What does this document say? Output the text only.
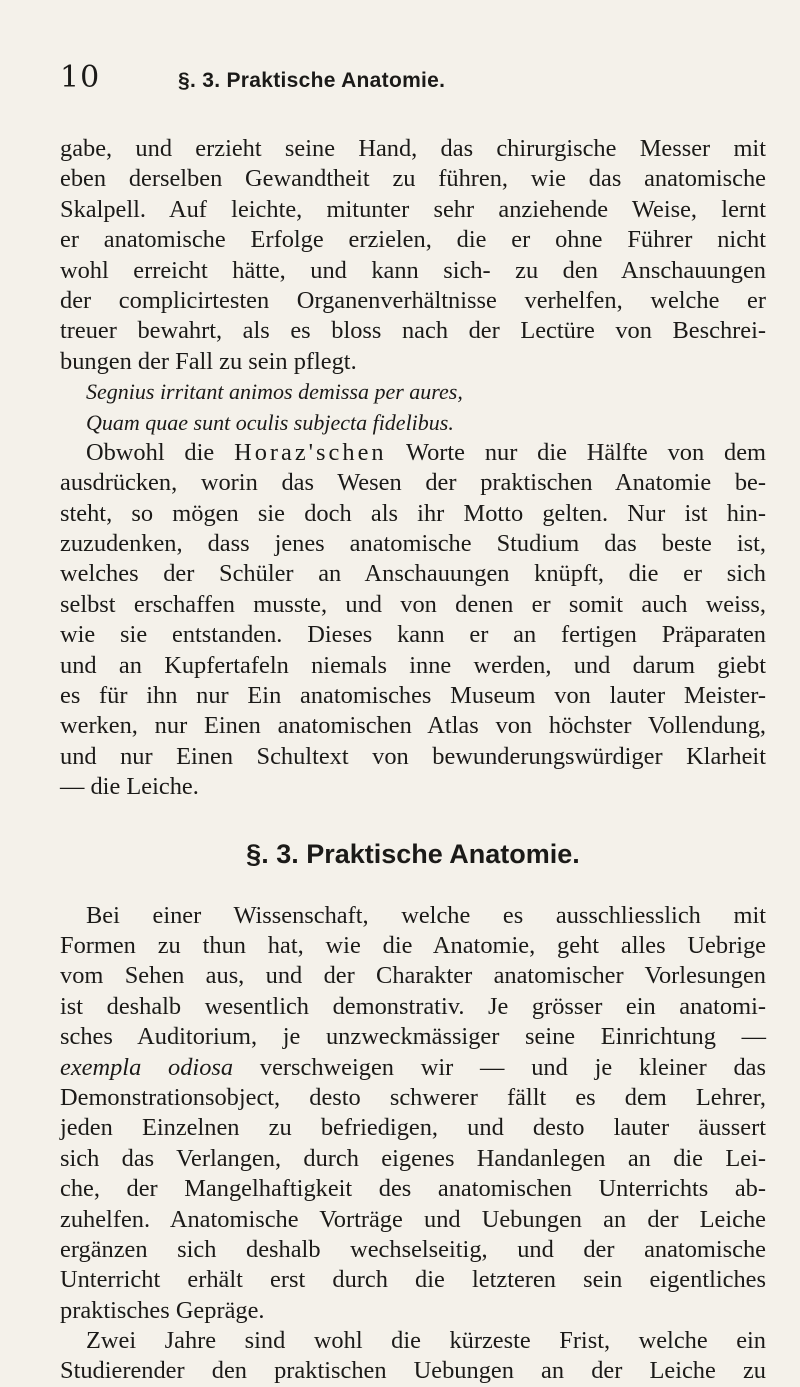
10	§. 3. Praktische Anatomie.
gabe, und erzieht seine Hand, das chirurgische Messer mit
eben derselben Gewandtheit zu führen, wie das anatomische
Skalpell. Auf leichte, mitunter sehr anziehende Weise, lernt
er anatomische Erfolge erzielen, die er ohne Führer nicht
wohl erreicht hätte, und kann sich- zu den Anschauungen
der complicirtesten Organenverhältnisse verhelfen, welche er
treuer bewahrt, als es bloss nach der Lectüre von Beschrei-
bungen der Fall zu sein pflegt.
Segnius irritant animos demissa per aures,
Quam quae sunt oculis subjecta fidelibus.
Obwohl die Horaz'schen Worte nur die Hälfte von dem
ausdrücken, worin das Wesen der praktischen Anatomie be-
steht, so mögen sie doch als ihr Motto gelten. Nur ist hin-
zuzudenken, dass jenes anatomische Studium das beste ist,
welches der Schüler an Anschauungen knüpft, die er sich
selbst erschaffen musste, und von denen er somit auch weiss,
wie sie entstanden. Dieses kann er an fertigen Präparaten
und an Kupfertafeln niemals inne werden, und darum giebt
es für ihn nur Ein anatomisches Museum von lauter Meister-
werken, nur Einen anatomischen Atlas von höchster Vollendung,
und nur Einen Schultext von bewunderungswürdiger Klarheit
— die Leiche.
§. 3. Praktische Anatomie.
Bei einer Wissenschaft, welche es ausschliesslich mit
Formen zu thun hat, wie die Anatomie, geht alles Uebrige
vom Sehen aus, und der Charakter anatomischer Vorlesungen
ist deshalb wesentlich demonstrativ. Je grösser ein anatomi-
sches Auditorium, je unzweckmässiger seine Einrichtung —
exempla odiosa verschweigen wir — und je kleiner das
Demonstrationsobject, desto schwerer fällt es dem Lehrer,
jeden Einzelnen zu befriedigen, und desto lauter äussert
sich das Verlangen, durch eigenes Handanlegen an die Lei-
che, der Mangelhaftigkeit des anatomischen Unterrichts ab-
zuhelfen. Anatomische Vorträge und Uebungen an der Leiche
ergänzen sich deshalb wechselseitig, und der anatomische
Unterricht erhält erst durch die letzteren sein eigentliches
praktisches Gepräge.
Zwei Jahre sind wohl die kürzeste Frist, welche ein
Studierender den praktischen Uebungen an der Leiche zu
